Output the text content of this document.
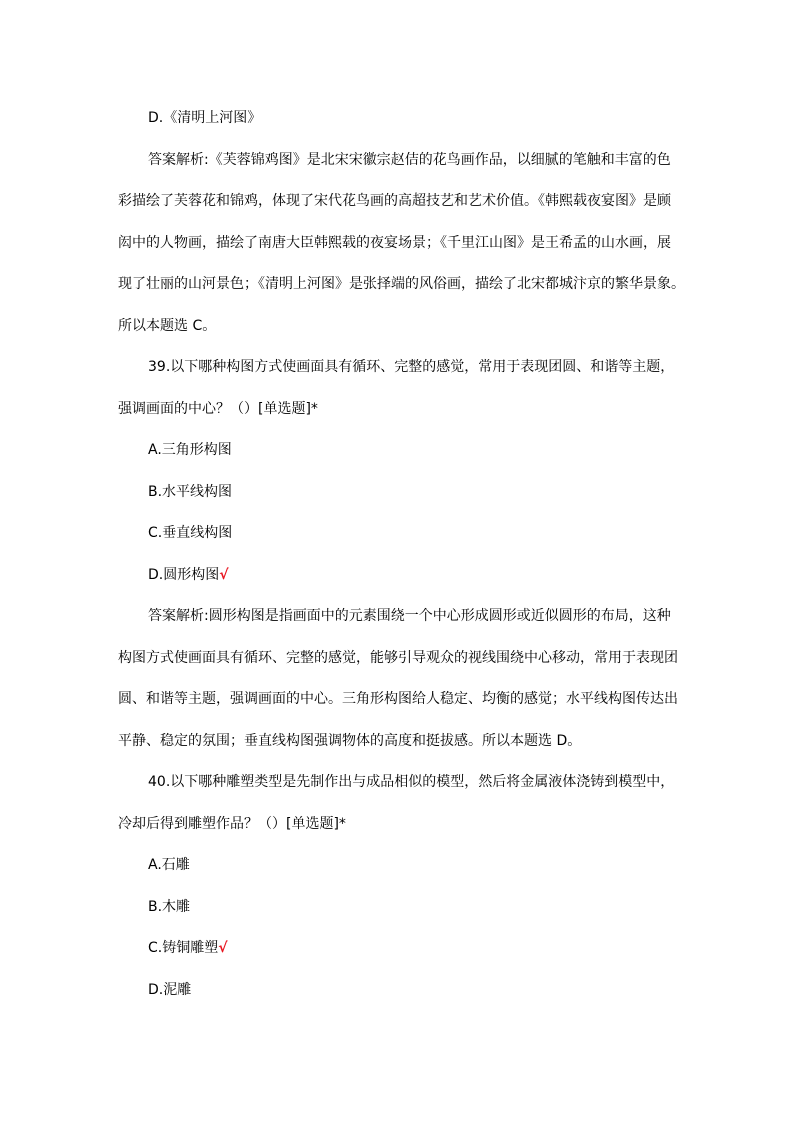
D.《清明上河图》
答案解析:《芙蓉锦鸡图》是北宋宋徽宗赵佶的花鸟画作品，以细腻的笔触和丰富的色
彩描绘了芙蓉花和锦鸡，体现了宋代花鸟画的高超技艺和艺术价值。《韩熙载夜宴图》是顾
闳中的人物画，描绘了南唐大臣韩熙载的夜宴场景；《千里江山图》是王希孟的山水画，展
现了壮丽的山河景色；《清明上河图》是张择端的风俗画，描绘了北宋都城汴京的繁华景象。
所以本题选 C。
39.以下哪种构图方式使画面具有循环、完整的感觉，常用于表现团圆、和谐等主题，
强调画面的中心？（）[单选题]*
A.三角形构图
B.水平线构图
C.垂直线构图
D.圆形构图√
答案解析:圆形构图是指画面中的元素围绕一个中心形成圆形或近似圆形的布局，这种
构图方式使画面具有循环、完整的感觉，能够引导观众的视线围绕中心移动，常用于表现团
圆、和谐等主题，强调画面的中心。三角形构图给人稳定、均衡的感觉；水平线构图传达出
平静、稳定的氛围；垂直线构图强调物体的高度和挺拔感。所以本题选 D。
40.以下哪种雕塑类型是先制作出与成品相似的模型，然后将金属液体浇铸到模型中，
冷却后得到雕塑作品？（）[单选题]*
A.石雕
B.木雕
C.铸铜雕塑√
D.泥雕
